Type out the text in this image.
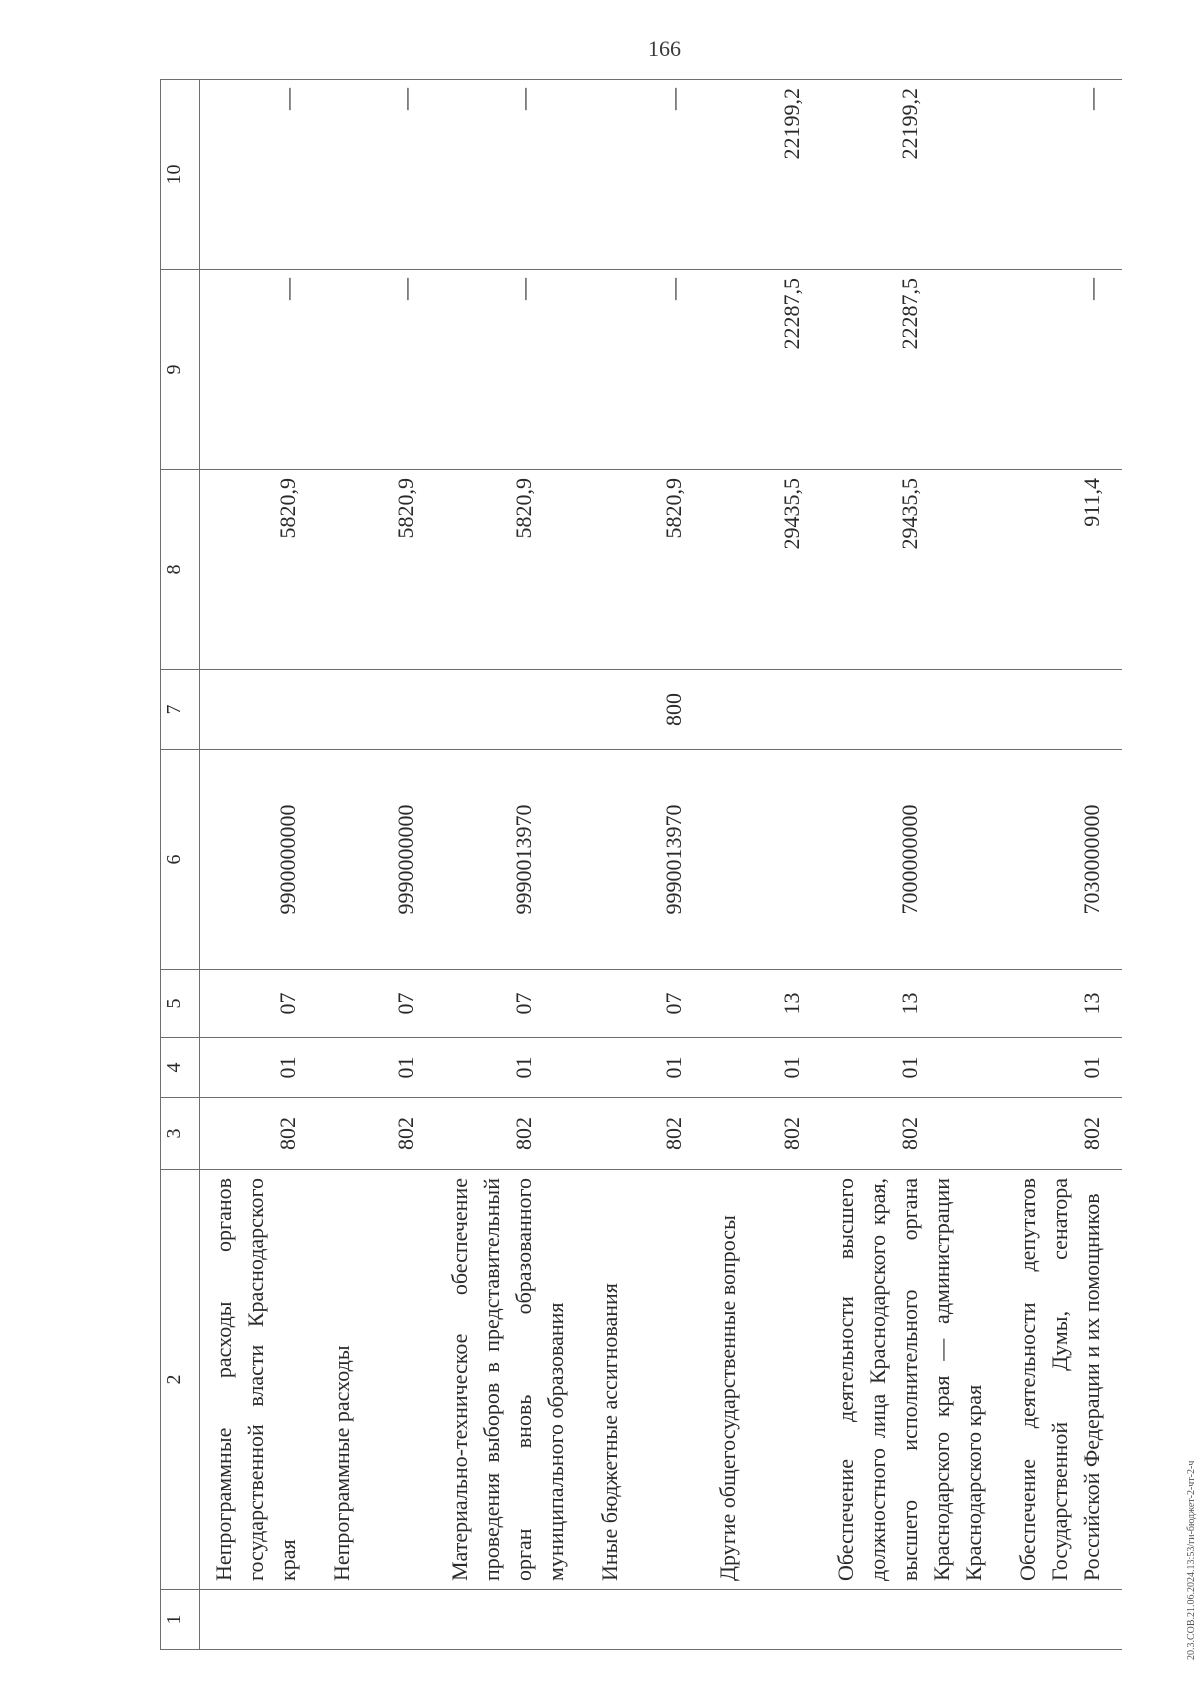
166
1	2	3	4	5	6	7	8	9	10
	Непрограммные расходы органов государственной власти Краснодарского края	802	01	07	9900000000		5820,9	—	—
	Непрограммные расходы	802	01	07	9990000000		5820,9	—	—
	Материально-техническое обеспечение проведения выборов в представительный орган вновь образованного муниципального образования	802	01	07	9990013970		5820,9	—	—
	Иные бюджетные ассигнования	802	01	07	9990013970	800	5820,9	—	—
	Другие общегосударственные вопросы	802	01	13			29435,5	22287,5	22199,2
	Обеспечение деятельности высшего должностного лица Краснодарского края, высшего исполнительного органа Краснодарского края — администрации Краснодарского края	802	01	13	7000000000		29435,5	22287,5	22199,2
	Обеспечение деятельности депутатов Государственной Думы, сенатора Российской Федерации и их помощников	802	01	13	7030000000		911,4	—	—
20.3.СОВ.21.06.2024.13:53/ги-бюджет-2-чт-2-ч
